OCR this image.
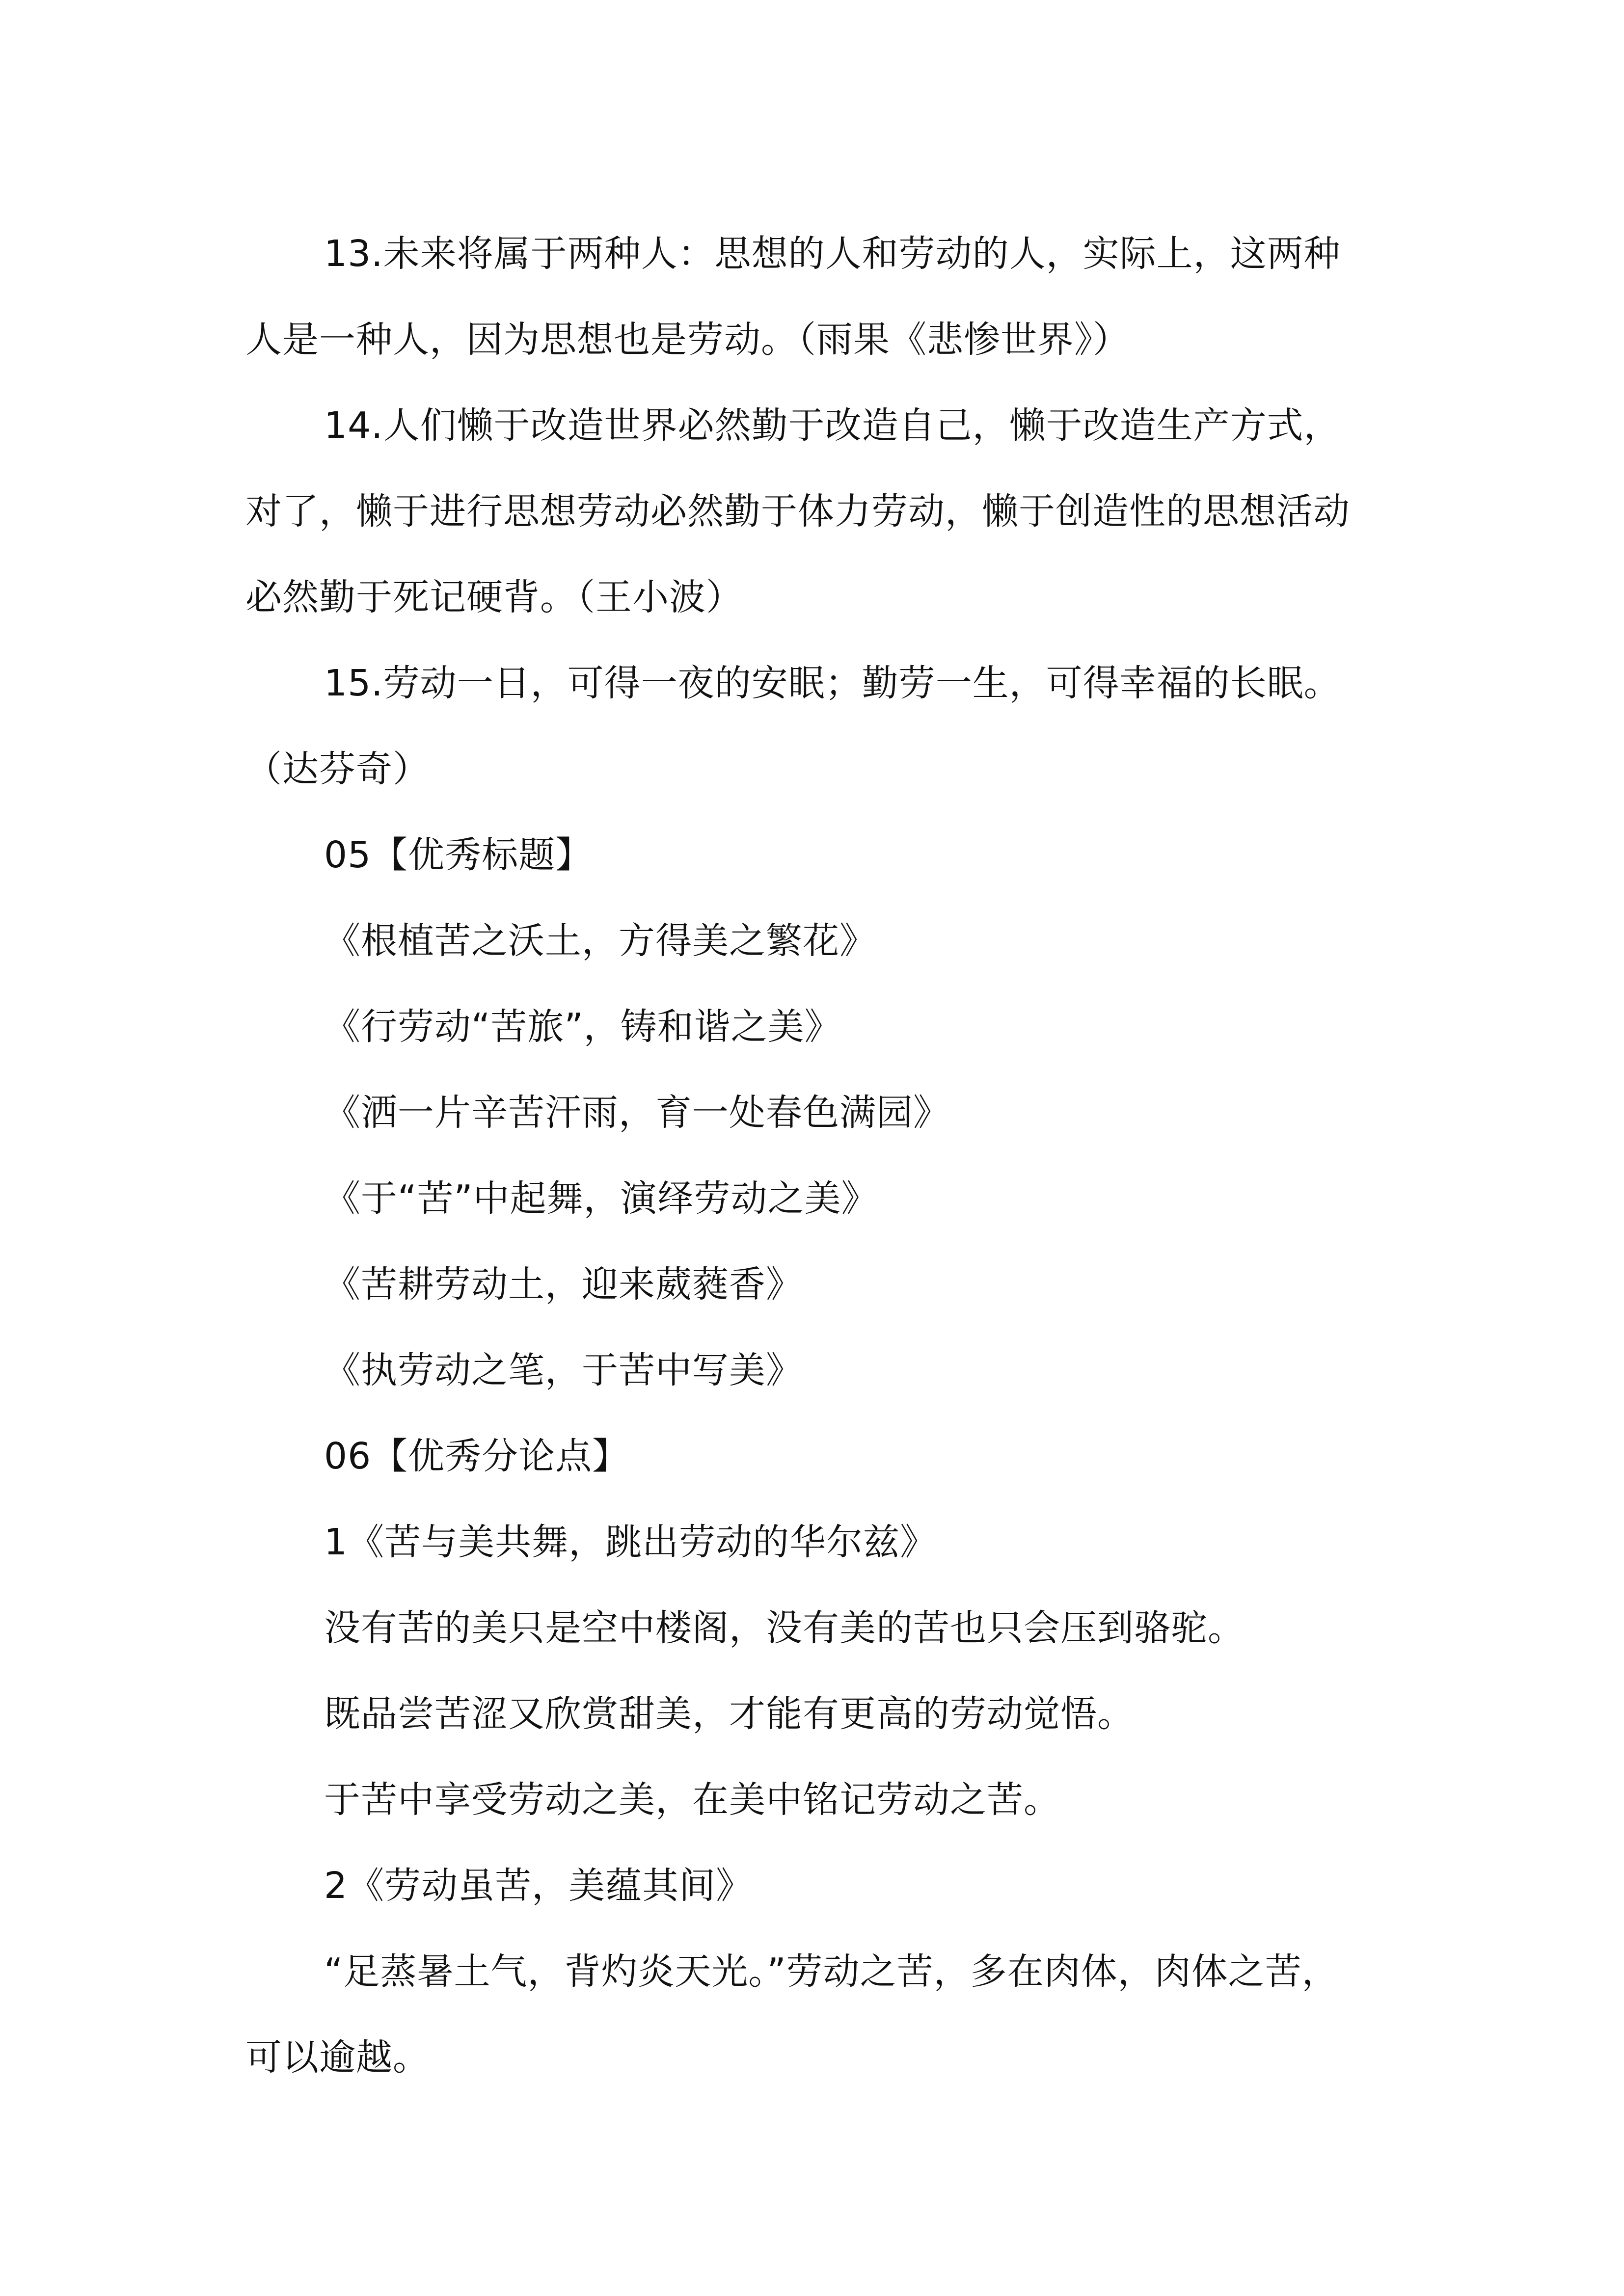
13.未来将属于两种人：思想的人和劳动的人，实际上，这两种
人是一种人，因为思想也是劳动。（雨果《悲惨世界》）
14.人们懒于改造世界必然勤于改造自己，懒于改造生产方式，
对了，懒于进行思想劳动必然勤于体力劳动，懒于创造性的思想活动
必然勤于死记硬背。（王小波）
15.劳动一日，可得一夜的安眠；勤劳一生，可得幸福的长眠。
（达芬奇）
05【优秀标题】
《根植苦之沃土，方得美之繁花》
《行劳动“苦旅”，铸和谐之美》
《洒一片辛苦汗雨，育一处春色满园》
《于“苦”中起舞，演绎劳动之美》
《苦耕劳动土，迎来葳蕤香》
《执劳动之笔，于苦中写美》
06【优秀分论点】
1《苦与美共舞，跳出劳动的华尔兹》
没有苦的美只是空中楼阁，没有美的苦也只会压到骆驼。
既品尝苦涩又欣赏甜美，才能有更高的劳动觉悟。
于苦中享受劳动之美，在美中铭记劳动之苦。
2《劳动虽苦，美蕴其间》
“足蒸暑土气，背灼炎天光。”劳动之苦，多在肉体，肉体之苦，
可以逾越。
